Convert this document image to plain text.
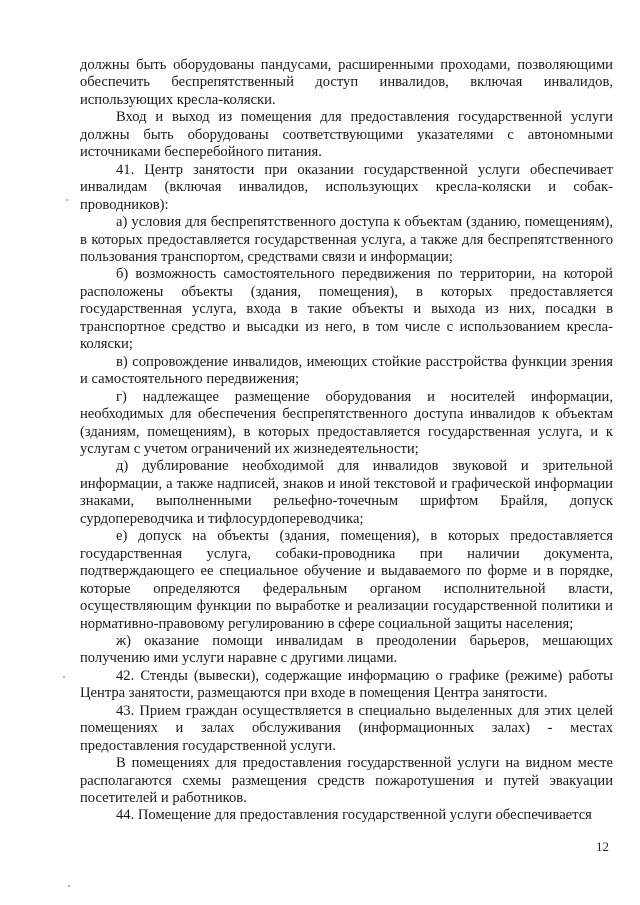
должны быть оборудованы пандусами, расширенными проходами, позволяющими обеспечить беспрепятственный доступ инвалидов, включая инвалидов, использующих кресла-коляски.

Вход и выход из помещения для предоставления государственной услуги должны быть оборудованы соответствующими указателями с автономными источниками бесперебойного питания.

41. Центр занятости при оказании государственной услуги обеспечивает инвалидам (включая инвалидов, использующих кресла-коляски и собак-проводников):

а) условия для беспрепятственного доступа к объектам (зданию, помещениям), в которых предоставляется государственная услуга, а также для беспрепятственного пользования транспортом, средствами связи и информации;

б) возможность самостоятельного передвижения по территории, на которой расположены объекты (здания, помещения), в которых предоставляется государственная услуга, входа в такие объекты и выхода из них, посадки в транспортное средство и высадки из него, в том числе с использованием кресла-коляски;

в) сопровождение инвалидов, имеющих стойкие расстройства функции зрения и самостоятельного передвижения;

г) надлежащее размещение оборудования и носителей информации, необходимых для обеспечения беспрепятственного доступа инвалидов к объектам (зданиям, помещениям), в которых предоставляется государственная услуга, и к услугам с учетом ограничений их жизнедеятельности;

д) дублирование необходимой для инвалидов звуковой и зрительной информации, а также надписей, знаков и иной текстовой и графической информации знаками, выполненными рельефно-точечным шрифтом Брайля, допуск сурдопереводчика и тифлосурдопереводчика;

е) допуск на объекты (здания, помещения), в которых предоставляется государственная услуга, собаки-проводника при наличии документа, подтверждающего ее специальное обучение и выдаваемого по форме и в порядке, которые определяются федеральным органом исполнительной власти, осуществляющим функции по выработке и реализации государственной политики и нормативно-правовому регулированию в сфере социальной защиты населения;

ж) оказание помощи инвалидам в преодолении барьеров, мешающих получению ими услуги наравне с другими лицами.

42. Стенды (вывески), содержащие информацию о графике (режиме) работы Центра занятости, размещаются при входе в помещения Центра занятости.

43. Прием граждан осуществляется в специально выделенных для этих целей помещениях и залах обслуживания (информационных залах) - местах предоставления государственной услуги.

В помещениях для предоставления государственной услуги на видном месте располагаются схемы размещения средств пожаротушения и путей эвакуации посетителей и работников.

44. Помещение для предоставления государственной услуги обеспечивается

12
